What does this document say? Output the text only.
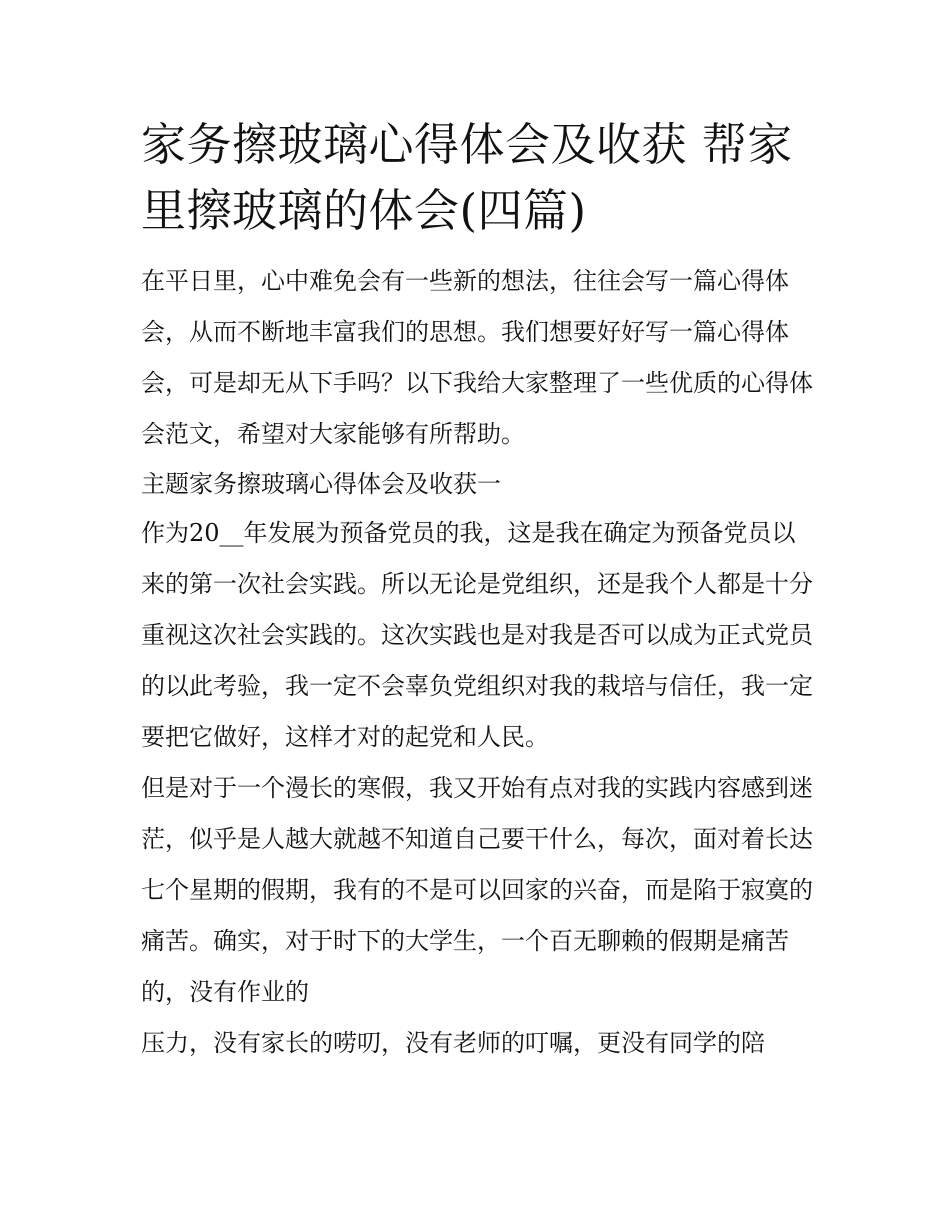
家务擦玻璃心得体会及收获 帮家里擦玻璃的体会(四篇)

在平日里，心中难免会有一些新的想法，往往会写一篇心得体会，从而不断地丰富我们的思想。我们想要好好写一篇心得体会，可是却无从下手吗？以下我给大家整理了一些优质的心得体会范文，希望对大家能够有所帮助。

主题家务擦玻璃心得体会及收获一

作为20__年发展为预备党员的我，这是我在确定为预备党员以来的第一次社会实践。所以无论是党组织，还是我个人都是十分重视这次社会实践的。这次实践也是对我是否可以成为正式党员的以此考验，我一定不会辜负党组织对我的栽培与信任，我一定要把它做好，这样才对的起党和人民。

但是对于一个漫长的寒假，我又开始有点对我的实践内容感到迷茫，似乎是人越大就越不知道自己要干什么，每次，面对着长达七个星期的假期，我有的不是可以回家的兴奋，而是陷于寂寞的痛苦。确实，对于时下的大学生，一个百无聊赖的假期是痛苦的，没有作业的

压力，没有家长的唠叨，没有老师的叮嘱，更没有同学的陪
